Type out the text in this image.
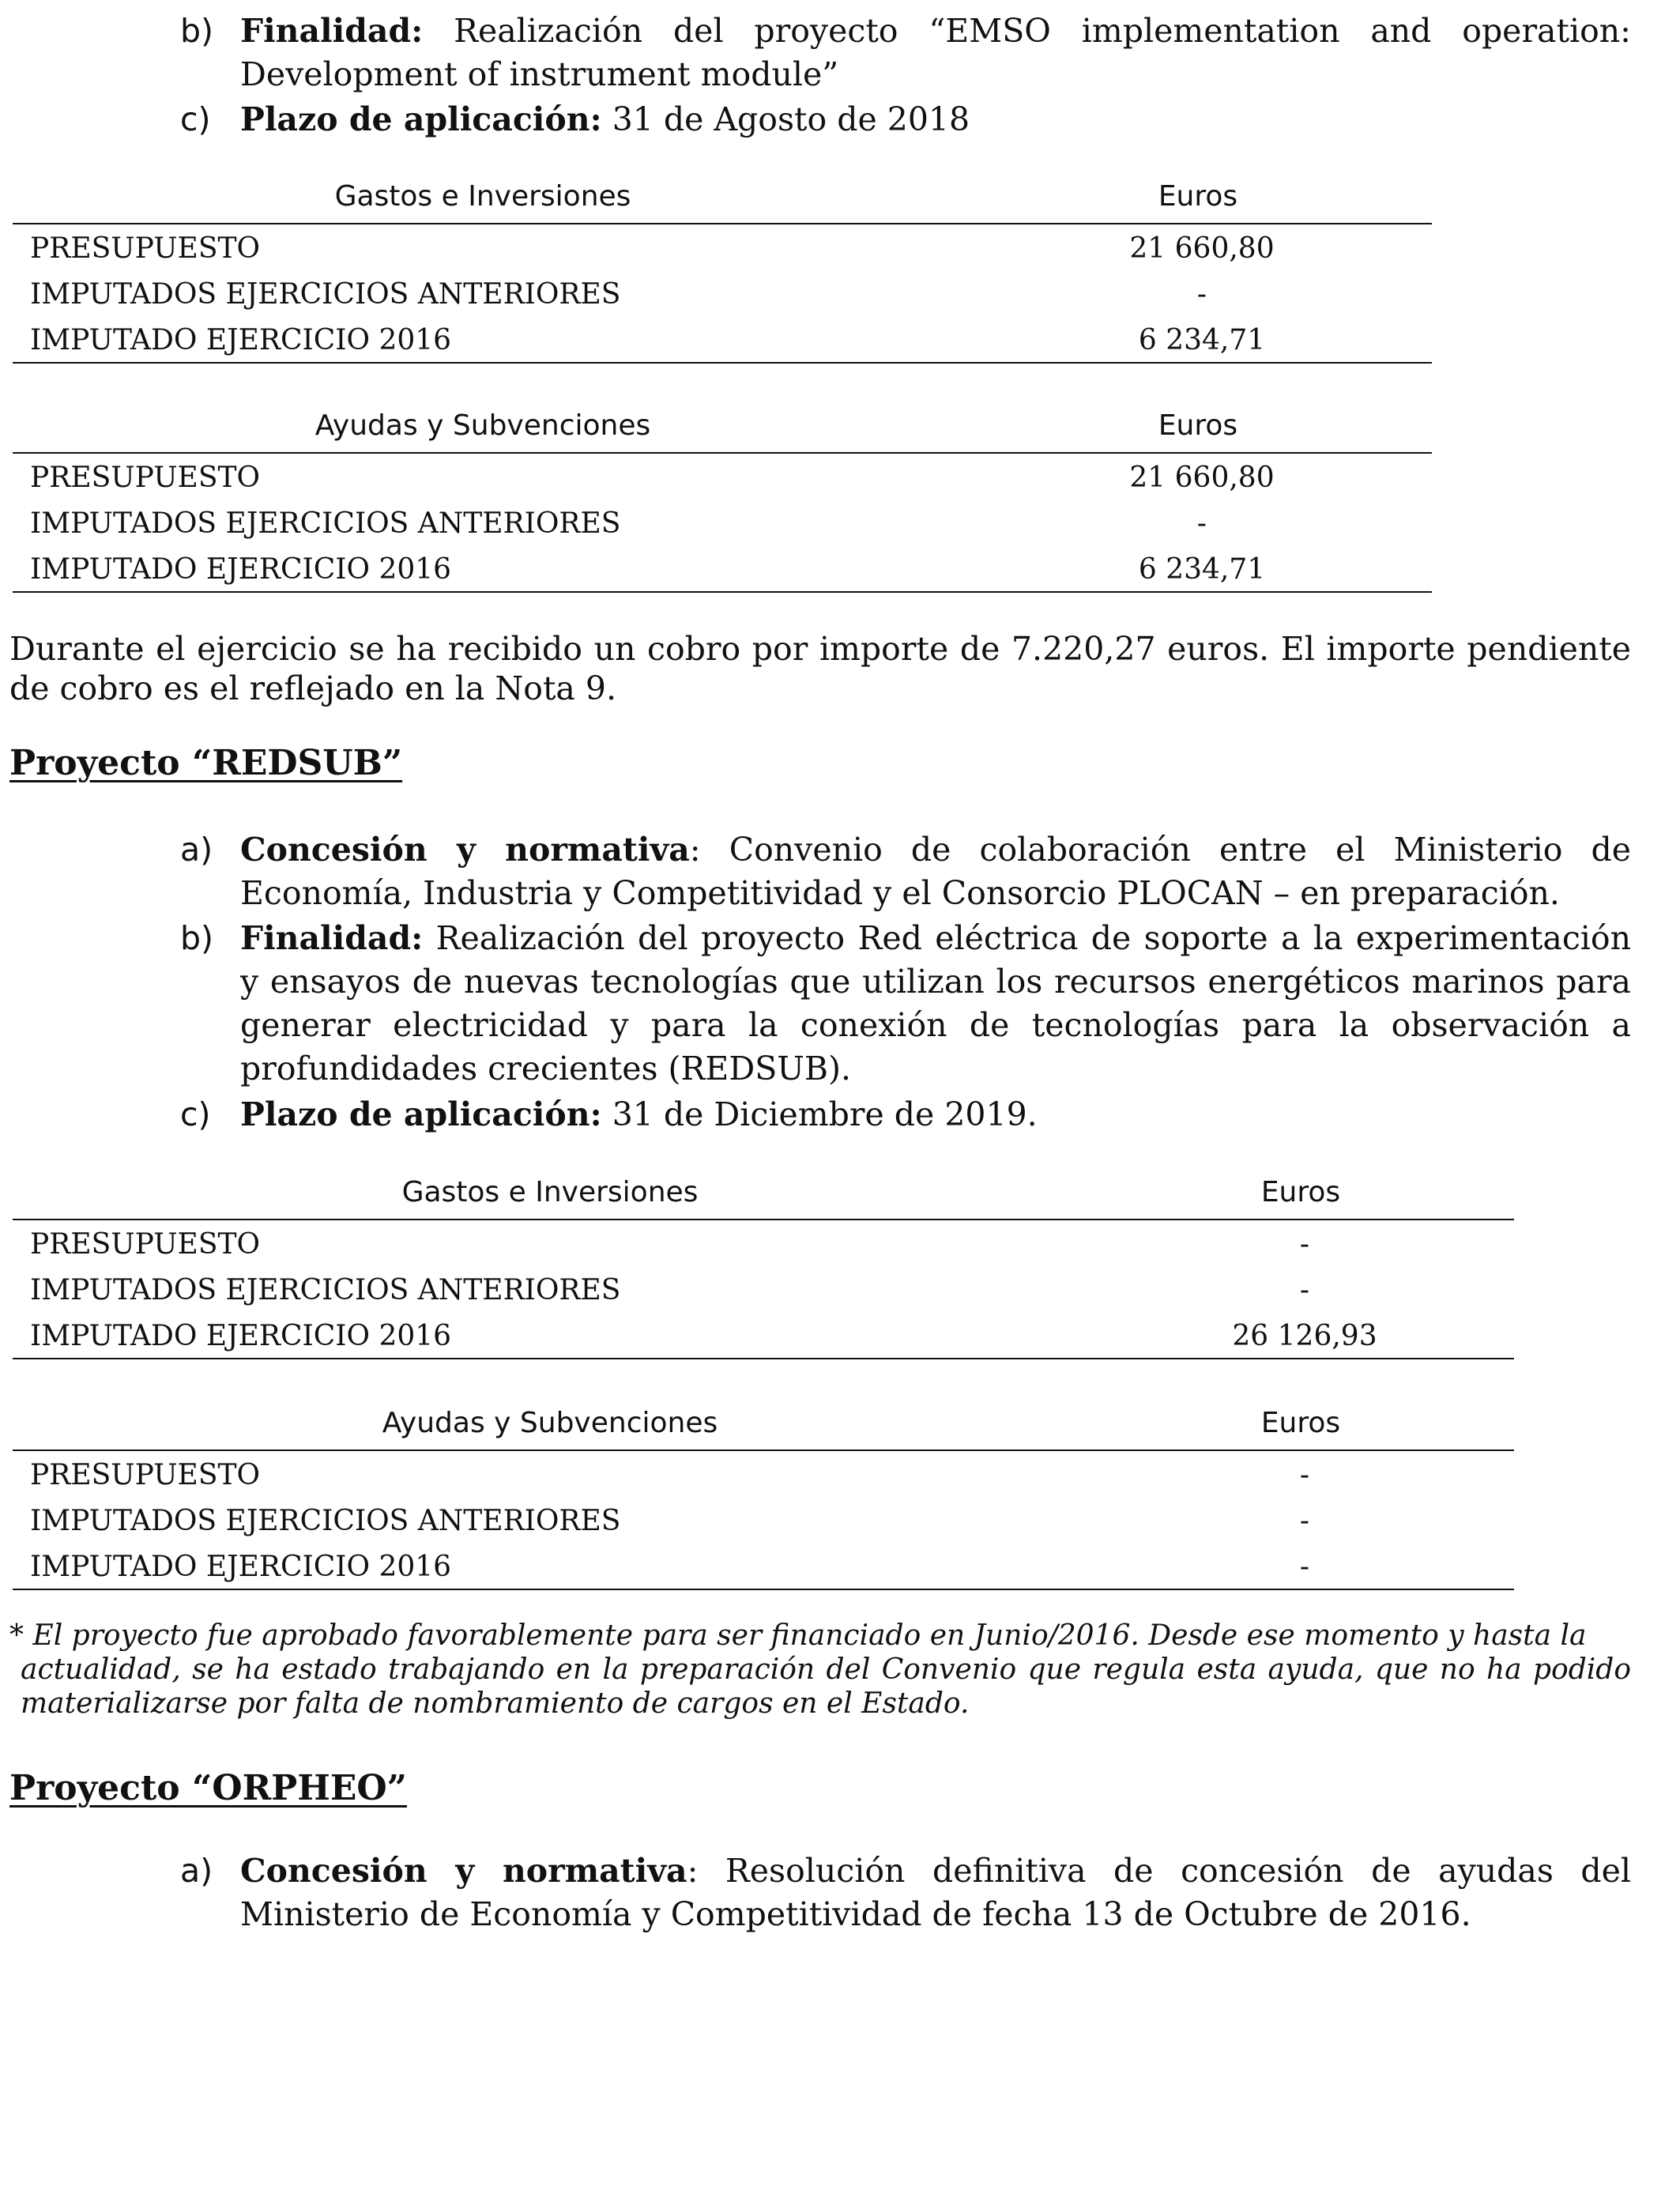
b) Finalidad: Realización del proyecto “EMSO implementation and operation: Development of instrument module”
c) Plazo de aplicación: 31 de Agosto de 2018
Gastos e Inversiones	Euros
PRESUPUESTO	21 660,80
IMPUTADOS EJERCICIOS ANTERIORES	-
IMPUTADO EJERCICIO 2016	6 234,71
Ayudas y Subvenciones	Euros
PRESUPUESTO	21 660,80
IMPUTADOS EJERCICIOS ANTERIORES	-
IMPUTADO EJERCICIO 2016	6 234,71
Durante el ejercicio se ha recibido un cobro por importe de 7.220,27 euros. El importe pendiente de cobro es el reflejado en la Nota 9.
Proyecto “REDSUB”
a) Concesión y normativa: Convenio de colaboración entre el Ministerio de Economía, Industria y Competitividad y el Consorcio PLOCAN – en preparación.
b) Finalidad: Realización del proyecto Red eléctrica de soporte a la experimentación y ensayos de nuevas tecnologías que utilizan los recursos energéticos marinos para generar electricidad y para la conexión de tecnologías para la observación a profundidades crecientes (REDSUB).
c) Plazo de aplicación: 31 de Diciembre de 2019.
Gastos e Inversiones	Euros
PRESUPUESTO	-
IMPUTADOS EJERCICIOS ANTERIORES	-
IMPUTADO EJERCICIO 2016	26 126,93
Ayudas y Subvenciones	Euros
PRESUPUESTO	-
IMPUTADOS EJERCICIOS ANTERIORES	-
IMPUTADO EJERCICIO 2016	-
* El proyecto fue aprobado favorablemente para ser financiado en Junio/2016. Desde ese momento y hasta la
actualidad, se ha estado trabajando en la preparación del Convenio que regula esta ayuda, que no ha podido materializarse por falta de nombramiento de cargos en el Estado.
Proyecto “ORPHEO”
a) Concesión y normativa: Resolución definitiva de concesión de ayudas del Ministerio de Economía y Competitividad de fecha 13 de Octubre de 2016.
